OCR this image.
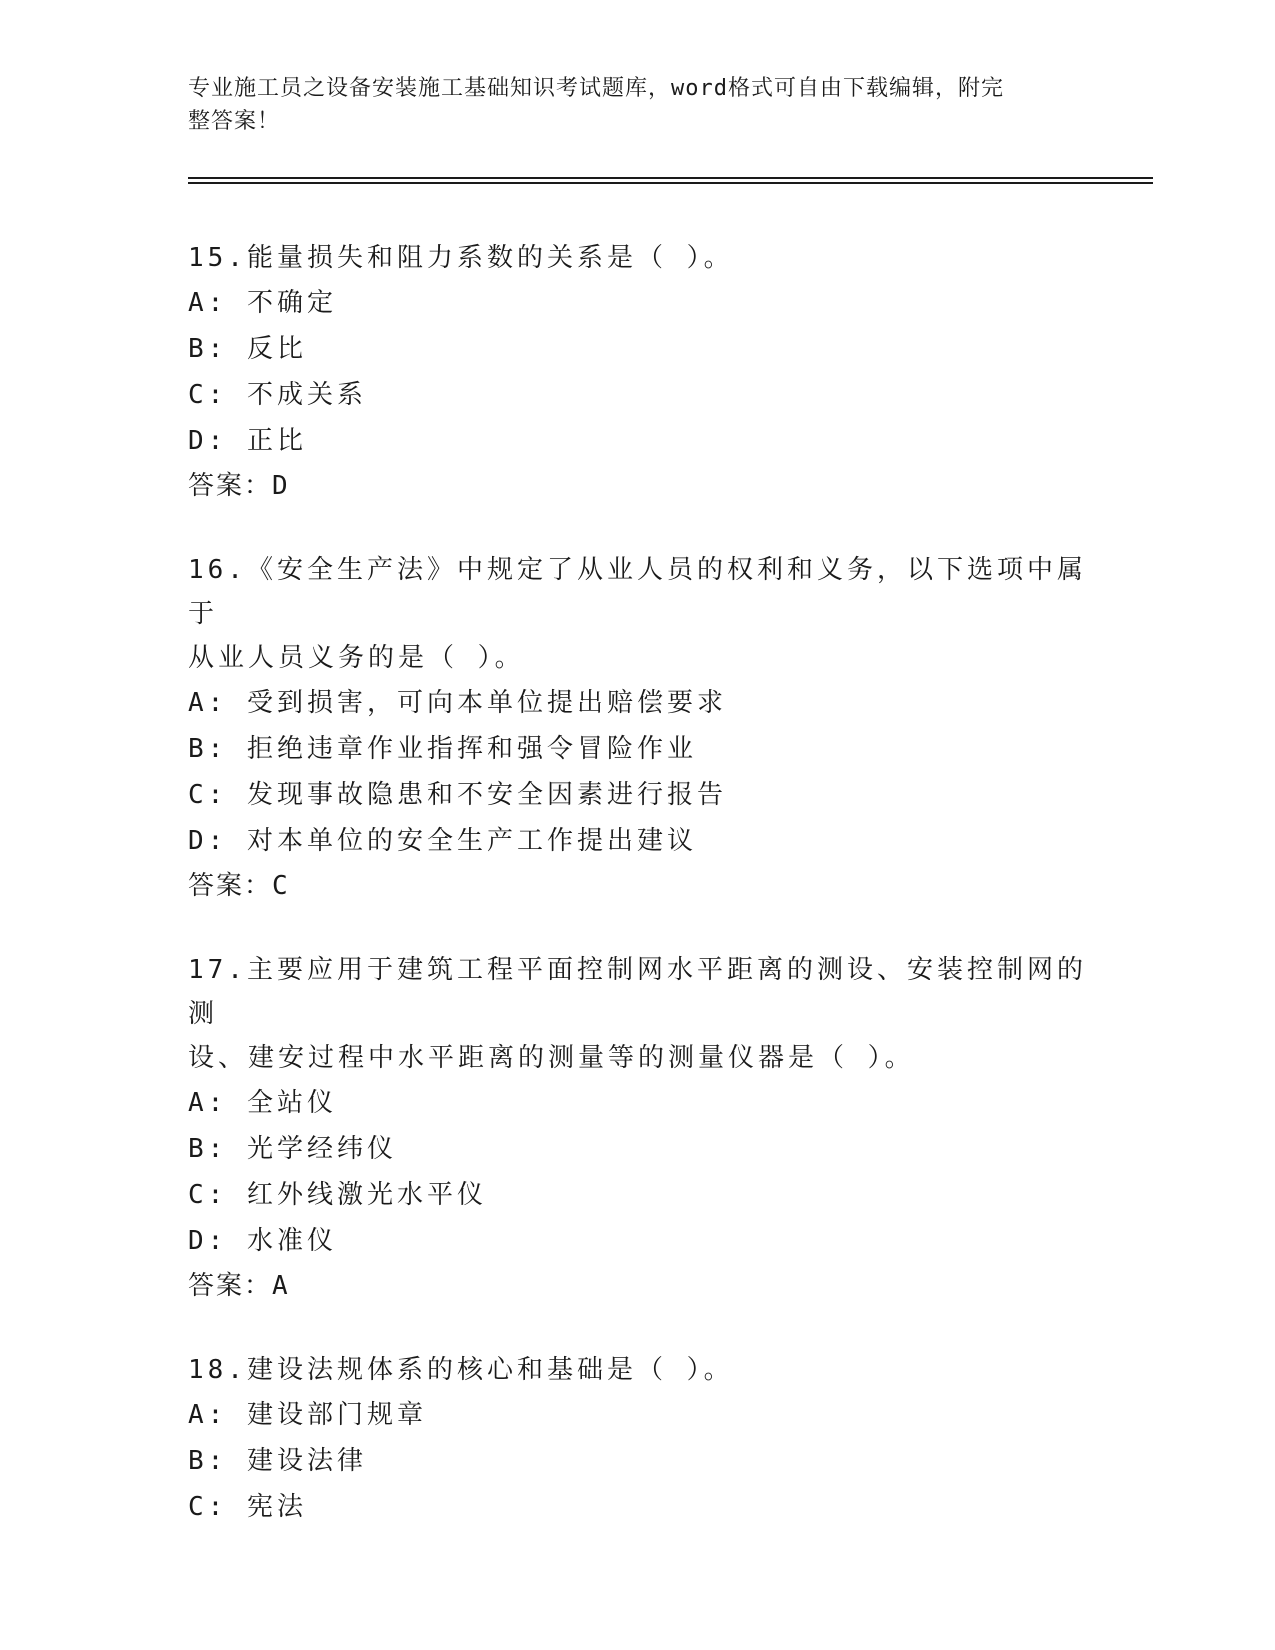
专业施工员之设备安装施工基础知识考试题库，word格式可自由下载编辑，附完
整答案！

15.能量损失和阻力系数的关系是（ ）。

A: 不确定

B: 反比

C: 不成关系

D: 正比

答案：D

16.《安全生产法》中规定了从业人员的权利和义务，以下选项中属于

从业人员义务的是（ ）。

A: 受到损害，可向本单位提出赔偿要求

B: 拒绝违章作业指挥和强令冒险作业

C: 发现事故隐患和不安全因素进行报告

D: 对本单位的安全生产工作提出建议

答案：C

17.主要应用于建筑工程平面控制网水平距离的测设、安装控制网的测

设、建安过程中水平距离的测量等的测量仪器是（ ）。

A: 全站仪

B: 光学经纬仪

C: 红外线激光水平仪

D: 水准仪

答案：A

18.建设法规体系的核心和基础是（ ）。

A: 建设部门规章

B: 建设法律

C: 宪法
